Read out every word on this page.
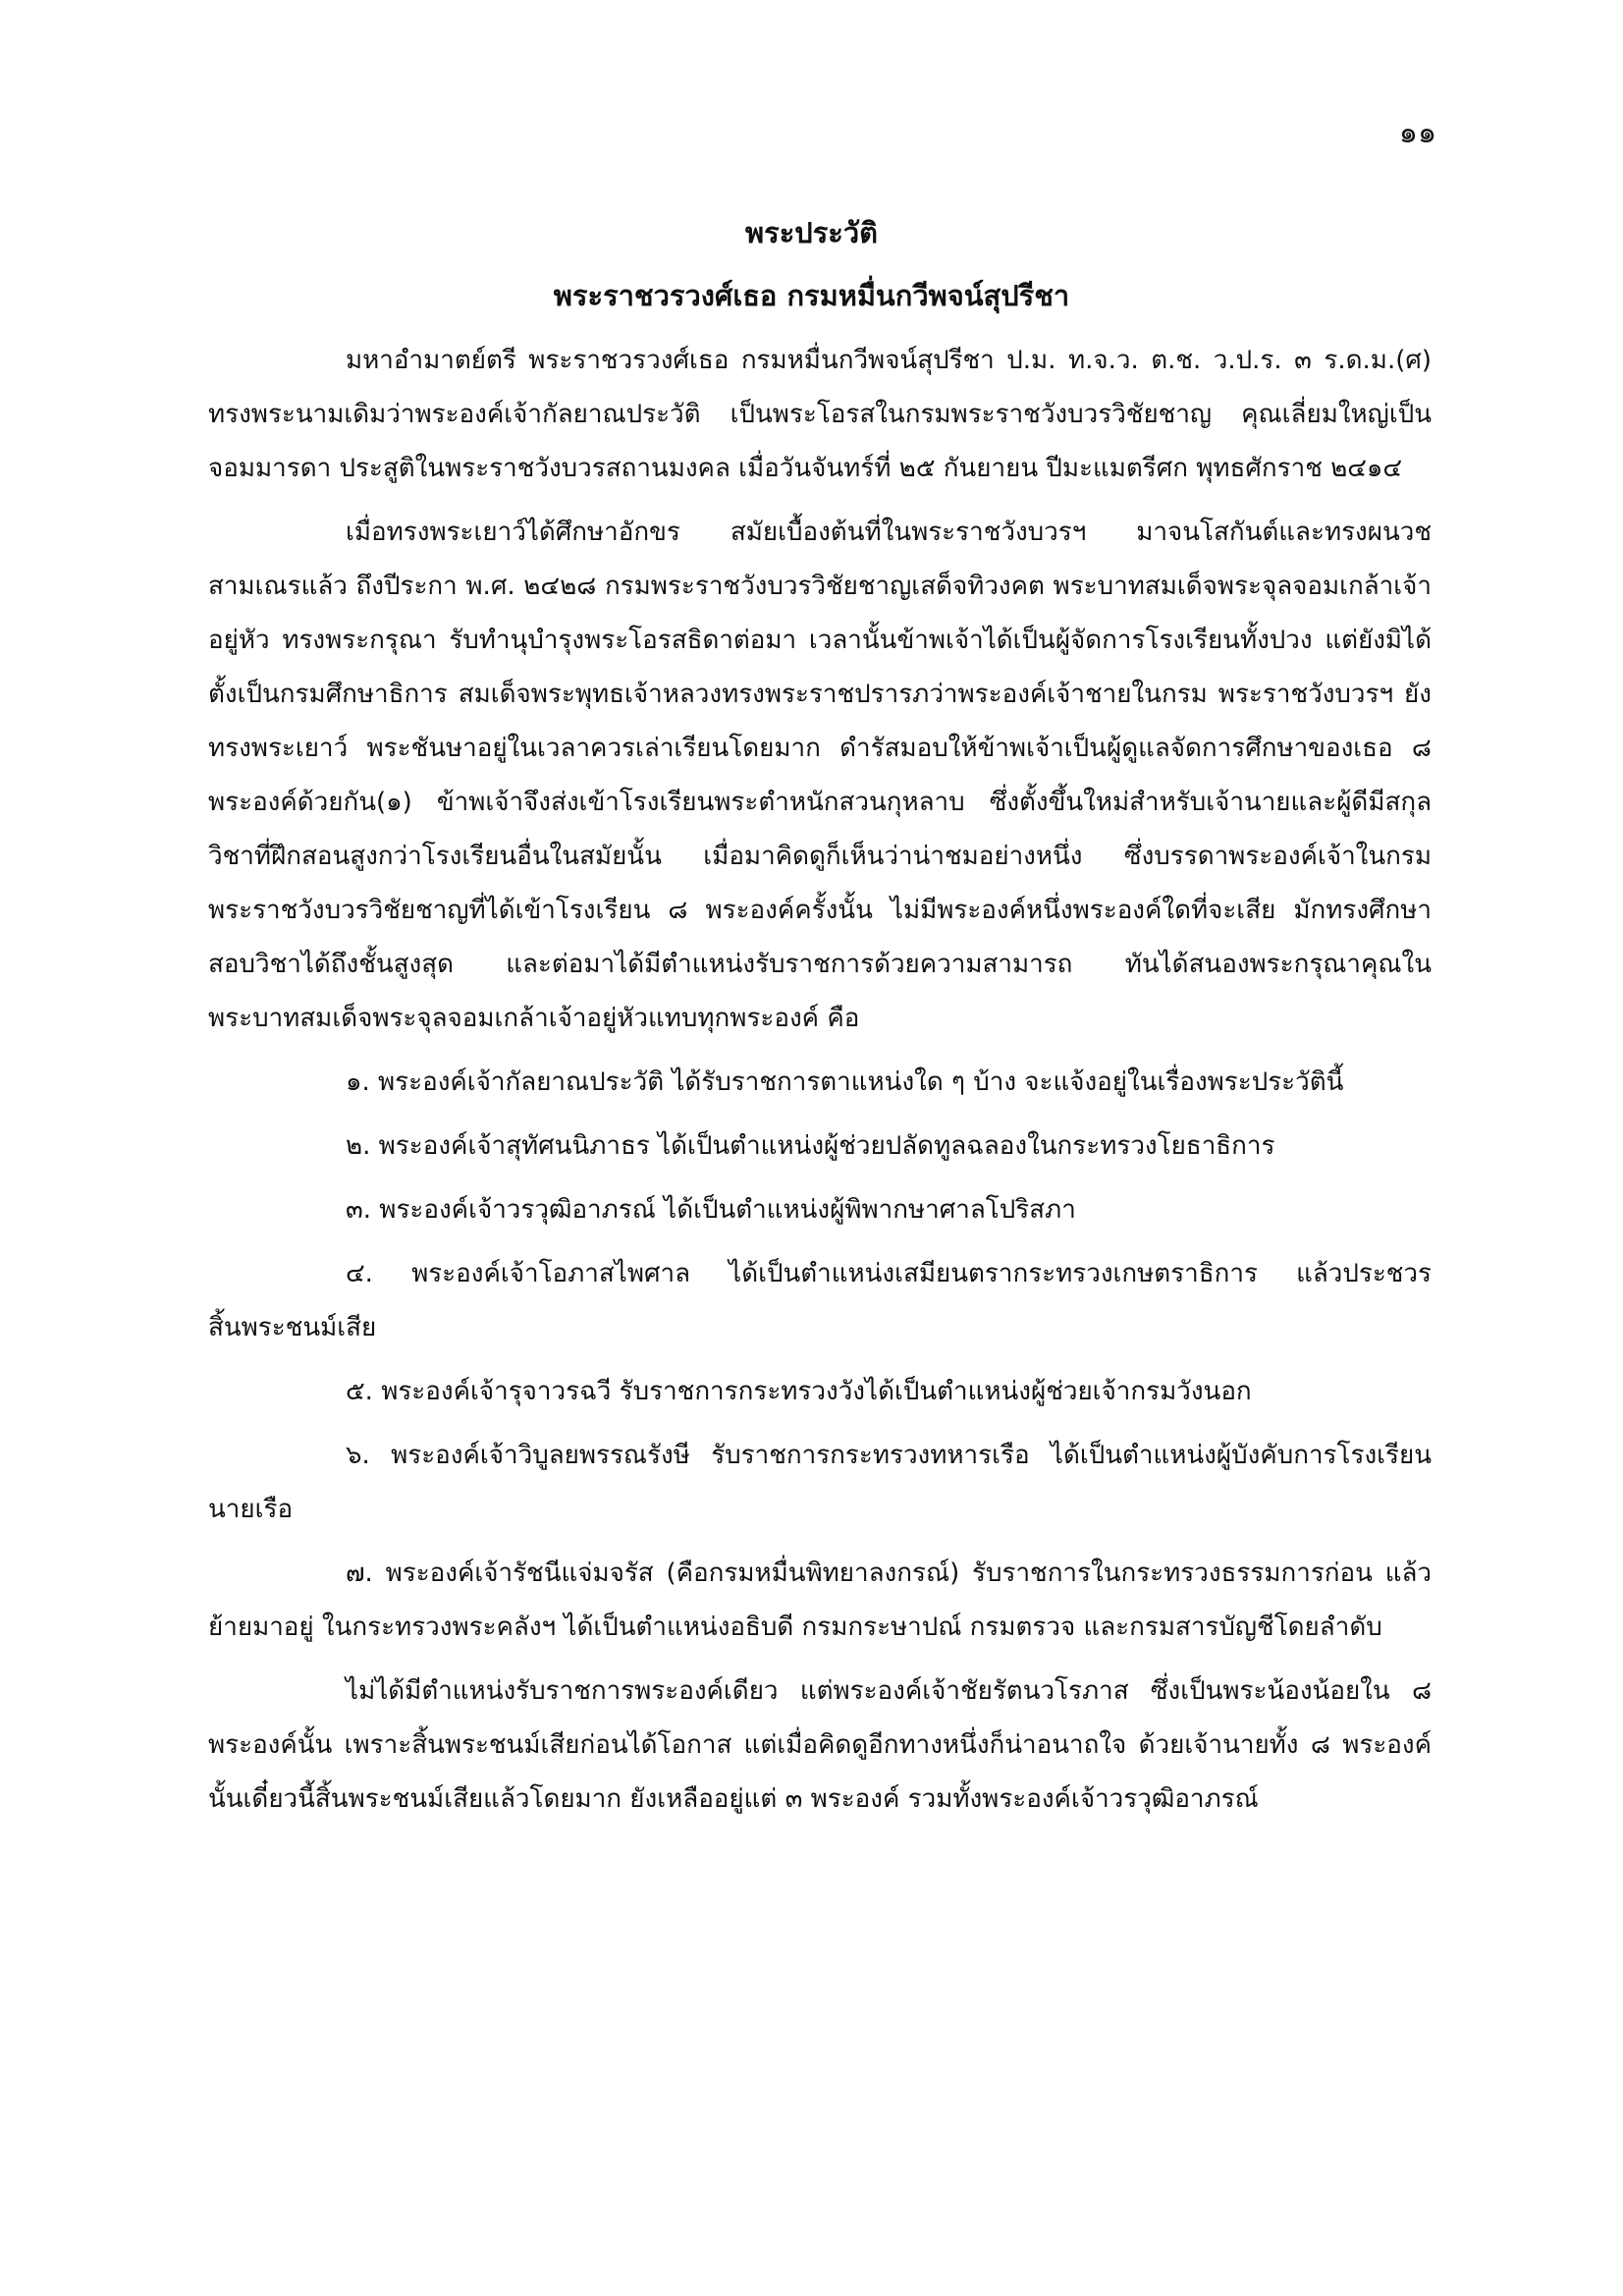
๑๑
พระประวัติ
พระราชวรวงศ์เธอ กรมหมื่นกวีพจน์สุปรีชา

มหาอำมาตย์ตรี พระราชวรวงศ์เธอ กรมหมื่นกวีพจน์สุปรีชา ป.ม. ท.จ.ว. ต.ช. ว.ป.ร. ๓ ร.ด.ม.(ศ) ทรงพระนามเดิมว่าพระองค์เจ้ากัลยาณประวัติ เป็นพระโอรสในกรมพระราชวังบวรวิชัยชาญ คุณเลี่ยมใหญ่เป็นจอมมารดา ประสูติในพระราชวังบวรสถานมงคล เมื่อวันจันทร์ที่ ๒๕ กันยายน ปีมะแมตรีศก พุทธศักราช ๒๔๑๔

เมื่อทรงพระเยาว์ได้ศึกษาอักขร สมัยเบื้องต้นที่ในพระราชวังบวรฯ มาจนโสกันต์และทรงผนวชสามเณรแล้ว ถึงปีระกา พ.ศ. ๒๔๒๘ กรมพระราชวังบวรวิชัยชาญเสด็จทิวงคต พระบาทสมเด็จพระจุลจอมเกล้าเจ้าอยู่หัว ทรงพระกรุณา รับทำนุบำรุงพระโอรสธิดาต่อมา เวลานั้นข้าพเจ้าได้เป็นผู้จัดการโรงเรียนทั้งปวง แต่ยังมิได้ตั้งเป็นกรมศึกษาธิการ สมเด็จพระพุทธเจ้าหลวงทรงพระราชปรารภว่าพระองค์เจ้าชายในกรม พระราชวังบวรฯ ยังทรงพระเยาว์ พระชันษาอยู่ในเวลาควรเล่าเรียนโดยมาก ดำรัสมอบให้ข้าพเจ้าเป็นผู้ดูแลจัดการศึกษาของเธอ ๘ พระองค์ด้วยกัน(๑) ข้าพเจ้าจึงส่งเข้าโรงเรียนพระตำหนักสวนกุหลาบ ซึ่งตั้งขึ้นใหม่สำหรับเจ้านายและผู้ดีมีสกุล วิชาที่ฝึกสอนสูงกว่าโรงเรียนอื่นในสมัยนั้น เมื่อมาคิดดูก็เห็นว่าน่าชมอย่างหนึ่ง ซึ่งบรรดาพระองค์เจ้าในกรมพระราชวังบวรวิชัยชาญที่ได้เข้าโรงเรียน ๘ พระองค์ครั้งนั้น ไม่มีพระองค์หนึ่งพระองค์ใดที่จะเสีย มักทรงศึกษาสอบวิชาได้ถึงชั้นสูงสุด และต่อมาได้มีตำแหน่งรับราชการด้วยความสามารถ ทันได้สนองพระกรุณาคุณในพระบาทสมเด็จพระจุลจอมเกล้าเจ้าอยู่หัวแทบทุกพระองค์ คือ

๑. พระองค์เจ้ากัลยาณประวัติ ได้รับราชการตาแหน่งใด ๆ บ้าง จะแจ้งอยู่ในเรื่องพระประวัตินี้

๒. พระองค์เจ้าสุทัศนนิภาธร ได้เป็นตำแหน่งผู้ช่วยปลัดทูลฉลองในกระทรวงโยธาธิการ

๓. พระองค์เจ้าวรวุฒิอาภรณ์ ได้เป็นตำแหน่งผู้พิพากษาศาลโปริสภา

๔. พระองค์เจ้าโอภาสไพศาล ได้เป็นตำแหน่งเสมียนตรากระทรวงเกษตราธิการ แล้วประชวรสิ้นพระชนม์เสีย

๕. พระองค์เจ้ารุจาวรฉวี รับราชการกระทรวงวังได้เป็นตำแหน่งผู้ช่วยเจ้ากรมวังนอก

๖. พระองค์เจ้าวิบูลยพรรณรังษี รับราชการกระทรวงทหารเรือ ได้เป็นตำแหน่งผู้บังคับการโรงเรียนนายเรือ

๗. พระองค์เจ้ารัชนีแจ่มจรัส (คือกรมหมื่นพิทยาลงกรณ์) รับราชการในกระทรวงธรรมการก่อน แล้วย้ายมาอยู่ ในกระทรวงพระคลังฯ ได้เป็นตำแหน่งอธิบดี กรมกระษาปณ์ กรมตรวจ และกรมสารบัญชีโดยลำดับ

ไม่ได้มีตำแหน่งรับราชการพระองค์เดียว แต่พระองค์เจ้าชัยรัตนวโรภาส ซึ่งเป็นพระน้องน้อยใน ๘ พระองค์นั้น เพราะสิ้นพระชนม์เสียก่อนได้โอกาส แต่เมื่อคิดดูอีกทางหนึ่งก็น่าอนาถใจ ด้วยเจ้านายทั้ง ๘ พระองค์นั้นเดี๋ยวนี้สิ้นพระชนม์เสียแล้วโดยมาก ยังเหลืออยู่แต่ ๓ พระองค์ รวมทั้งพระองค์เจ้าวรวุฒิอาภรณ์
